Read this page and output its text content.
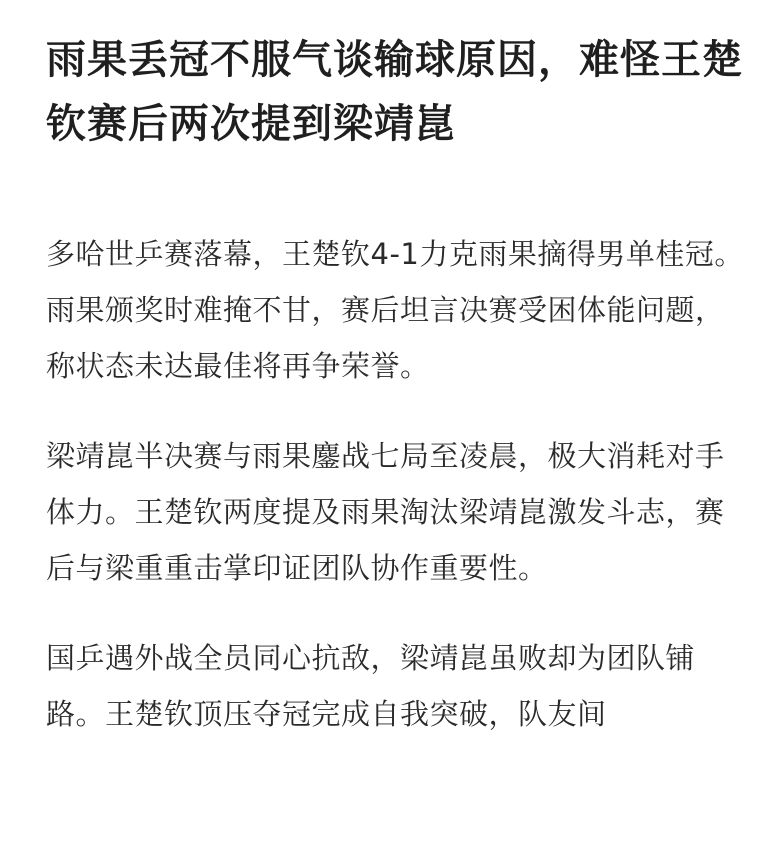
雨果丢冠不服气谈输球原因，难怪王楚钦赛后两次提到梁靖崑

多哈世乒赛落幕，王楚钦4-1力克雨果摘得男单桂冠。雨果颁奖时难掩不甘，赛后坦言决赛受困体能问题，称状态未达最佳将再争荣誉。

梁靖崑半决赛与雨果鏖战七局至凌晨，极大消耗对手体力。王楚钦两度提及雨果淘汰梁靖崑激发斗志，赛后与梁重重击掌印证团队协作重要性。

国乒遇外战全员同心抗敌，梁靖崑虽败却为团队铺路。王楚钦顶压夺冠完成自我突破，队友间
